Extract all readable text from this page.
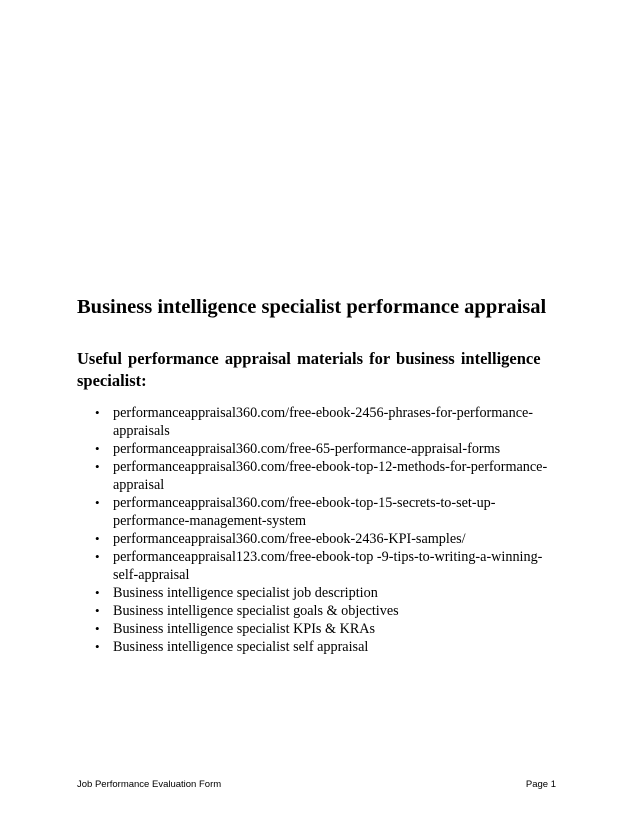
Business intelligence specialist performance appraisal

Useful performance appraisal materials for business intelligence specialist:

• performanceappraisal360.com/free-ebook-2456-phrases-for-performance-
appraisals
• performanceappraisal360.com/free-65-performance-appraisal-forms
• performanceappraisal360.com/free-ebook-top-12-methods-for-performance-
appraisal
• performanceappraisal360.com/free-ebook-top-15-secrets-to-set-up-
performance-management-system
• performanceappraisal360.com/free-ebook-2436-KPI-samples/
• performanceappraisal123.com/free-ebook-top -9-tips-to-writing-a-winning-
self-appraisal
• Business intelligence specialist job description
• Business intelligence specialist goals & objectives
• Business intelligence specialist KPIs & KRAs
• Business intelligence specialist self appraisal
Job Performance Evaluation Form	Page 1
